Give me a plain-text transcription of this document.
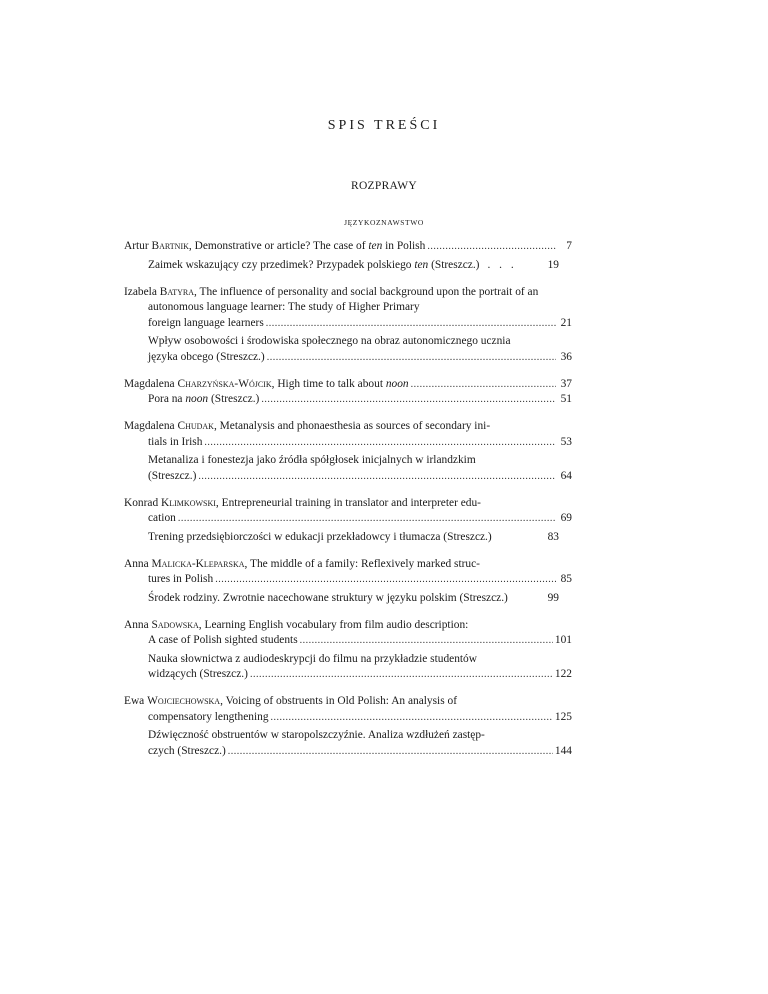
SPIS TREŚCI
ROZPRAWY
JĘZYKOZNAWSTWO
Artur Bartnik, Demonstrative or article? The case of ten in Polish .....	7
Zaimek wskazujący czy przedimek? Przypadek polskiego ten (Streszcz.) . . .	19
Izabela Batyra, The influence of personality and social background upon the portrait of an
autonomous language learner: The study of Higher Primary
foreign language learners .....	21
Wpływ osobowości i środowiska społecznego na obraz autonomicznego ucznia
języka obcego (Streszcz.) .....	36
Magdalena Charzyńska-Wójcik, High time to talk about noon .....	37
Pora na noon (Streszcz.) .....	51
Magdalena Chudak, Metanalysis and phonaesthesia as sources of secondary ini-
tials in Irish .....	53
Metanaliza i fonestezja jako źródła spółgłosek inicjalnych w irlandzkim
(Streszcz.) .....	64
Konrad Klimkowski, Entrepreneurial training in translator and interpreter edu-
cation .....	69
Trening przedsiębiorczości w edukacji przekładowcy i tłumacza (Streszcz.)	83
Anna Malicka-Kleparska, The middle of a family: Reflexively marked struc-
tures in Polish .....	85
Środek rodziny. Zwrotnie nacechowane struktury w języku polskim (Streszcz.)	99
Anna Sadowska, Learning English vocabulary from film audio description:
A case of Polish sighted students .....	101
Nauka słownictwa z audiodeskrypcji do filmu na przykładzie studentów
widzących (Streszcz.) .....	122
Ewa Wojciechowska, Voicing of obstruents in Old Polish: An analysis of
compensatory lengthening .....	125
Dźwięczność obstruentów w staropolszczyźnie. Analiza wzdłużeń zastęp-
czych (Streszcz.) .....	144
